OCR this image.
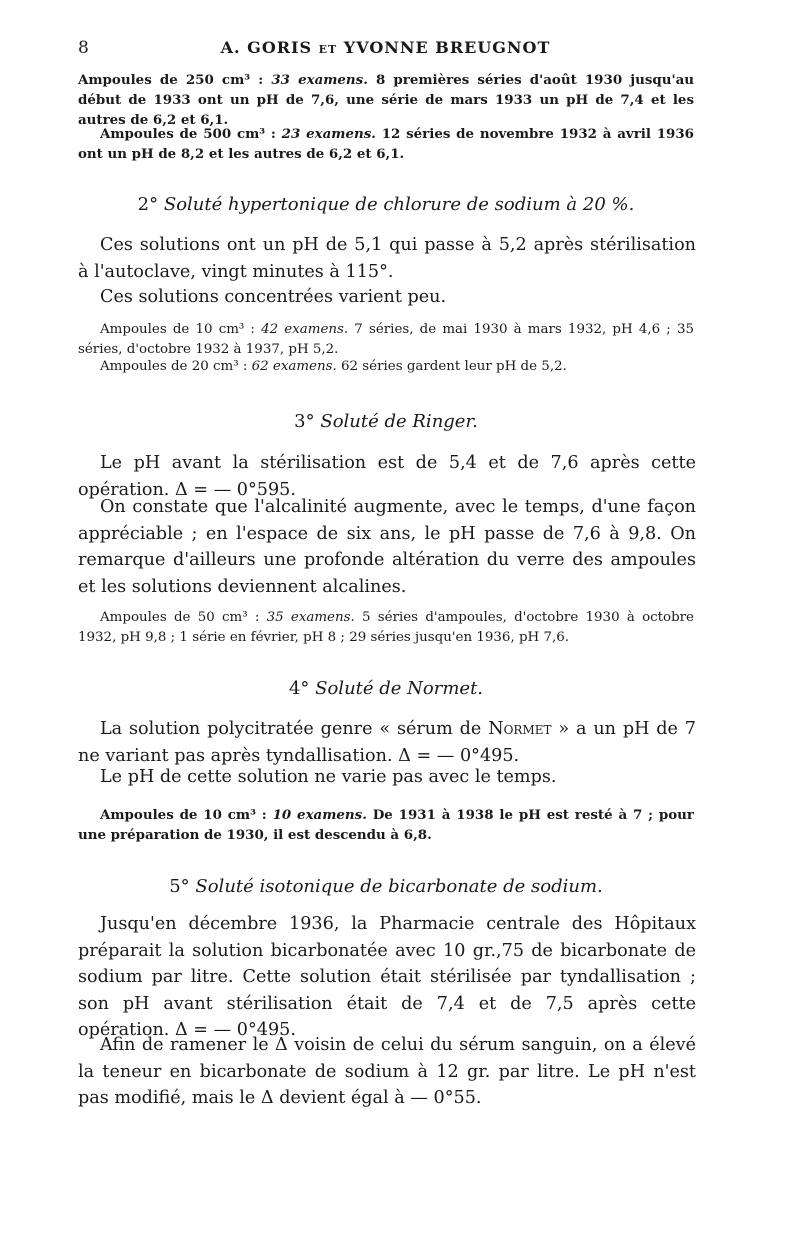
8	A. GORIS et YVONNE BREUGNOT

Ampoules de 250 cm³ : 33 examens. 8 premières séries d'août 1930 jusqu'au début de 1933 ont un pH de 7,6, une série de mars 1933 un pH de 7,4 et les autres de 6,2 et 6,1.

Ampoules de 500 cm³ : 23 examens. 12 séries de novembre 1932 à avril 1936 ont un pH de 8,2 et les autres de 6,2 et 6,1.

2° Soluté hypertonique de chlorure de sodium à 20 %.

Ces solutions ont un pH de 5,1 qui passe à 5,2 après stérilisation à l'autoclave, vingt minutes à 115°.

Ces solutions concentrées varient peu.

Ampoules de 10 cm³ : 42 examens. 7 séries, de mai 1930 à mars 1932, pH 4,6 ; 35 séries, d'octobre 1932 à 1937, pH 5,2.

Ampoules de 20 cm³ : 62 examens. 62 séries gardent leur pH de 5,2.

3° Soluté de Ringer.

Le pH avant la stérilisation est de 5,4 et de 7,6 après cette opération. Δ = — 0°595.

On constate que l'alcalinité augmente, avec le temps, d'une façon appréciable ; en l'espace de six ans, le pH passe de 7,6 à 9,8. On remarque d'ailleurs une profonde altération du verre des ampoules et les solutions deviennent alcalines.

Ampoules de 50 cm³ : 35 examens. 5 séries d'ampoules, d'octobre 1930 à octobre 1932, pH 9,8 ; 1 série en février, pH 8 ; 29 séries jusqu'en 1936, pH 7,6.

4° Soluté de Normet.

La solution polycitratée genre « sérum de Normet » a un pH de 7 ne variant pas après tyndallisation. Δ = — 0°495.

Le pH de cette solution ne varie pas avec le temps.

Ampoules de 10 cm³ : 10 examens. De 1931 à 1938 le pH est resté à 7 ; pour une préparation de 1930, il est descendu à 6,8.

5° Soluté isotonique de bicarbonate de sodium.

Jusqu'en décembre 1936, la Pharmacie centrale des Hôpitaux préparait la solution bicarbonatée avec 10 gr.,75 de bicarbonate de sodium par litre. Cette solution était stérilisée par tyndallisation ; son pH avant stérilisation était de 7,4 et de 7,5 après cette opération. Δ = — 0°495.

Afin de ramener le Δ voisin de celui du sérum sanguin, on a élevé la teneur en bicarbonate de sodium à 12 gr. par litre. Le pH n'est pas modifié, mais le Δ devient égal à — 0°55.
